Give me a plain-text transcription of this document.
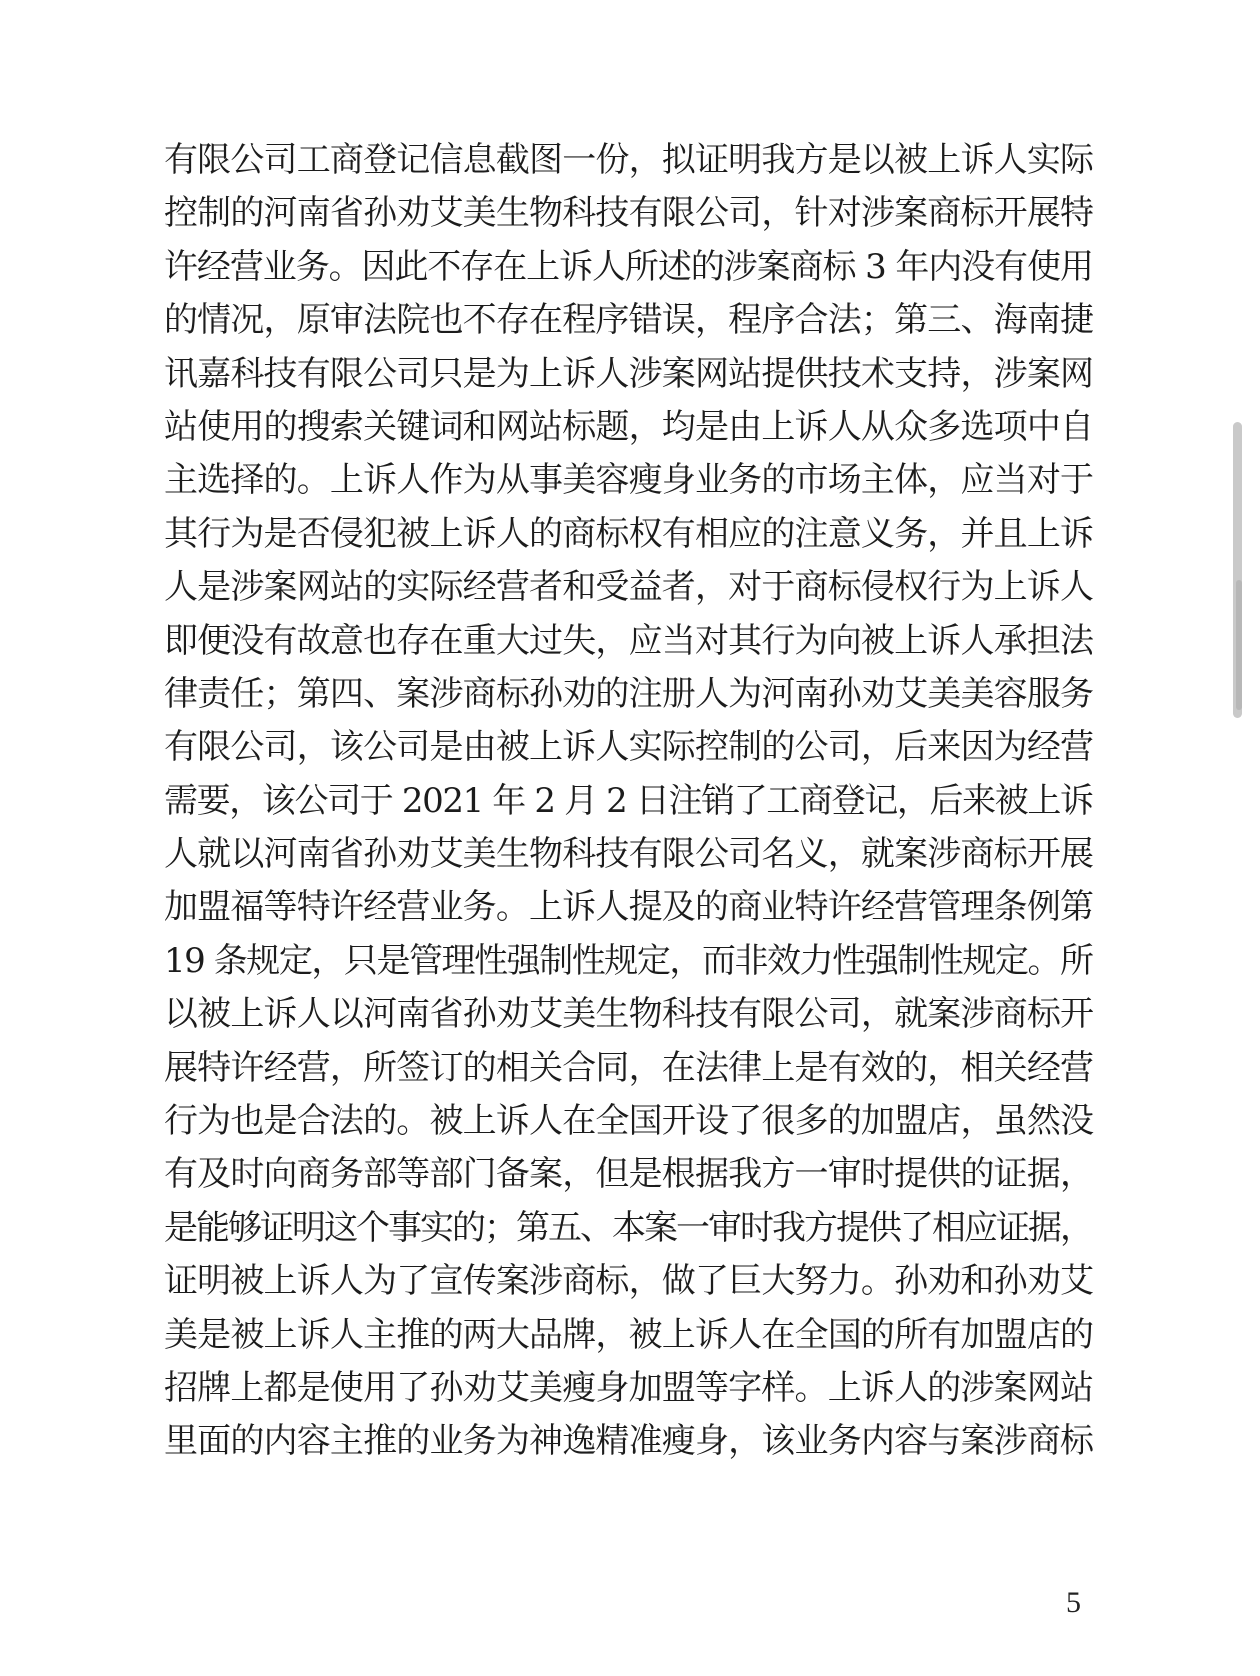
有限公司工商登记信息截图一份，拟证明我方是以被上诉人实际
控制的河南省孙劝艾美生物科技有限公司，针对涉案商标开展特
许经营业务。因此不存在上诉人所述的涉案商标 3 年内没有使用
的情况，原审法院也不存在程序错误，程序合法；第三、海南捷
讯嘉科技有限公司只是为上诉人涉案网站提供技术支持，涉案网
站使用的搜索关键词和网站标题，均是由上诉人从众多选项中自
主选择的。上诉人作为从事美容瘦身业务的市场主体，应当对于
其行为是否侵犯被上诉人的商标权有相应的注意义务，并且上诉
人是涉案网站的实际经营者和受益者，对于商标侵权行为上诉人
即便没有故意也存在重大过失，应当对其行为向被上诉人承担法
律责任；第四、案涉商标孙劝的注册人为河南孙劝艾美美容服务
有限公司，该公司是由被上诉人实际控制的公司，后来因为经营
需要，该公司于 2021 年 2 月 2 日注销了工商登记，后来被上诉
人就以河南省孙劝艾美生物科技有限公司名义，就案涉商标开展
加盟福等特许经营业务。上诉人提及的商业特许经营管理条例第
19 条规定，只是管理性强制性规定，而非效力性强制性规定。所
以被上诉人以河南省孙劝艾美生物科技有限公司，就案涉商标开
展特许经营，所签订的相关合同，在法律上是有效的，相关经营
行为也是合法的。被上诉人在全国开设了很多的加盟店，虽然没
有及时向商务部等部门备案，但是根据我方一审时提供的证据，
是能够证明这个事实的；第五、本案一审时我方提供了相应证据，
证明被上诉人为了宣传案涉商标，做了巨大努力。孙劝和孙劝艾
美是被上诉人主推的两大品牌，被上诉人在全国的所有加盟店的
招牌上都是使用了孙劝艾美瘦身加盟等字样。上诉人的涉案网站
里面的内容主推的业务为神逸精准瘦身，该业务内容与案涉商标

5
